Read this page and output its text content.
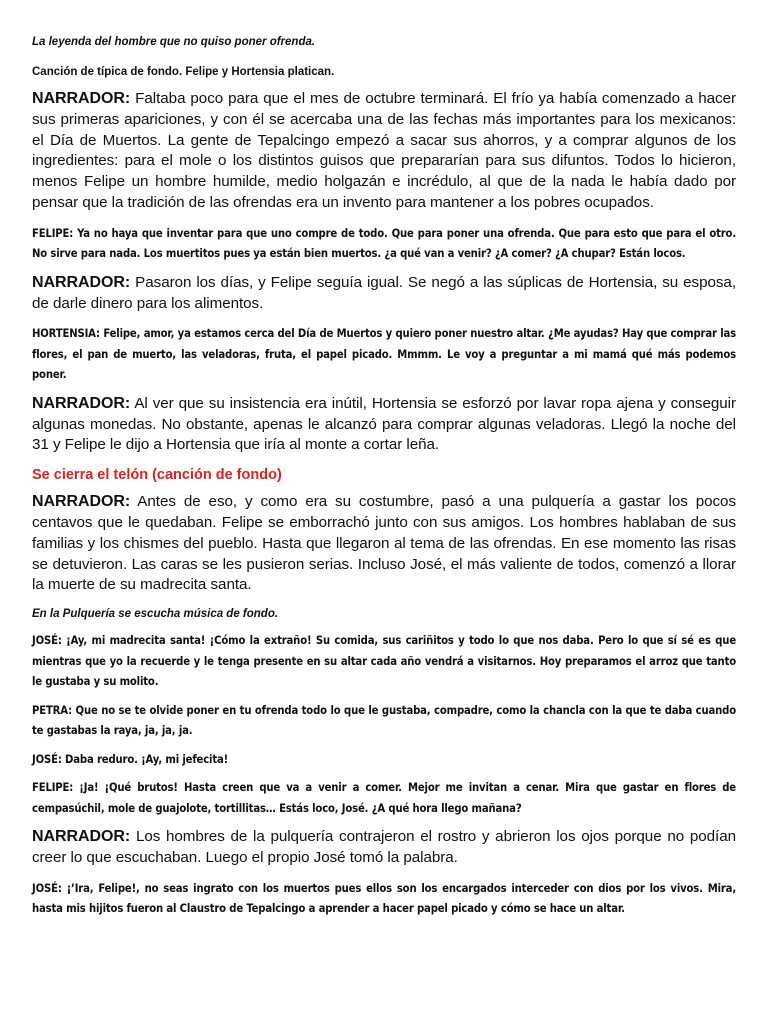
La leyenda del hombre que no quiso poner ofrenda.

Canción de típica de fondo. Felipe y Hortensia platican.

NARRADOR: Faltaba poco para que el mes de octubre terminará. El frío ya había comenzado a hacer sus primeras apariciones, y con él se acercaba una de las fechas más importantes para los mexicanos: el Día de Muertos. La gente de Tepalcingo empezó a sacar sus ahorros, y a comprar algunos de los ingredientes: para el mole o los distintos guisos que prepararían para sus difuntos. Todos lo hicieron, menos Felipe un hombre humilde, medio holgazán e incrédulo, al que de la nada le había dado por pensar que la tradición de las ofrendas era un invento para mantener a los pobres ocupados.

FELIPE: Ya no haya que inventar para que uno compre de todo. Que para poner una ofrenda. Que para esto que para el otro. No sirve para nada. Los muertitos pues ya están bien muertos. ¿a qué van a venir? ¿A comer? ¿A chupar? Están locos.

NARRADOR: Pasaron los días, y Felipe seguía igual. Se negó a las súplicas de Hortensia, su esposa, de darle dinero para los alimentos.

HORTENSIA: Felipe, amor, ya estamos cerca del Día de Muertos y quiero poner nuestro altar. ¿Me ayudas? Hay que comprar las flores, el pan de muerto, las veladoras, fruta, el papel picado. Mmmm. Le voy a preguntar a mi mamá qué más podemos poner.

NARRADOR: Al ver que su insistencia era inútil, Hortensia se esforzó por lavar ropa ajena y conseguir algunas monedas. No obstante, apenas le alcanzó para comprar algunas veladoras. Llegó la noche del 31 y Felipe le dijo a Hortensia que iría al monte a cortar leña.

Se cierra el telón (canción de fondo)

NARRADOR: Antes de eso, y como era su costumbre, pasó a una pulquería a gastar los pocos centavos que le quedaban. Felipe se emborrachó junto con sus amigos. Los hombres hablaban de sus familias y los chismes del pueblo. Hasta que llegaron al tema de las ofrendas. En ese momento las risas se detuvieron. Las caras se les pusieron serias. Incluso José, el más valiente de todos, comenzó a llorar la muerte de su madrecita santa.

En la Pulquería se escucha música de fondo.

JOSÉ: ¡Ay, mi madrecita santa! ¡Cómo la extraño! Su comida, sus cariñitos y todo lo que nos daba. Pero lo que sí sé es que mientras que yo la recuerde y le tenga presente en su altar cada año vendrá a visitarnos. Hoy preparamos el arroz que tanto le gustaba y su molito.

PETRA: Que no se te olvide poner en tu ofrenda todo lo que le gustaba, compadre, como la chancla con la que te daba cuando te gastabas la raya, ja, ja, ja.

JOSÉ: Daba reduro. ¡Ay, mi jefecita!

FELIPE: ¡Ja! ¡Qué brutos! Hasta creen que va a venir a comer. Mejor me invitan a cenar. Mira que gastar en flores de cempasúchil, mole de guajolote, tortillitas… Estás loco, José. ¿A qué hora llego mañana?

NARRADOR: Los hombres de la pulquería contrajeron el rostro y abrieron los ojos porque no podían creer lo que escuchaban. Luego el propio José tomó la palabra.

JOSÉ: ¡’Ira, Felipe!, no seas ingrato con los muertos pues ellos son los encargados interceder con dios por los vivos. Mira, hasta mis hijitos fueron al Claustro de Tepalcingo a aprender a hacer papel picado y cómo se hace un altar.
